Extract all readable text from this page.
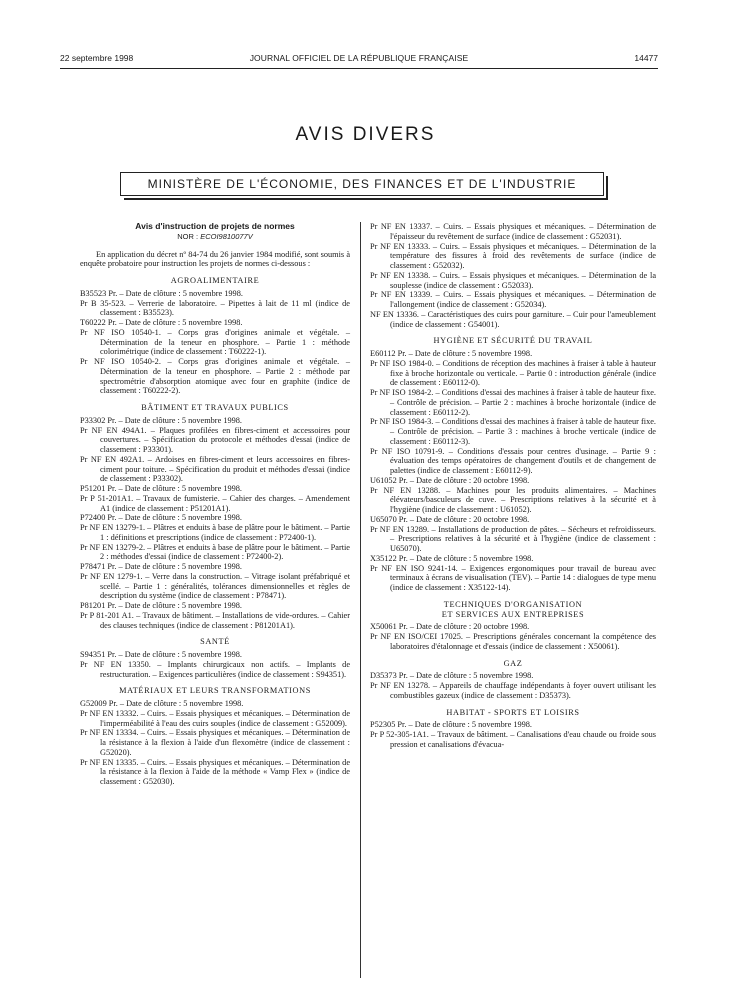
22 septembre 1998	JOURNAL OFFICIEL DE LA RÉPUBLIQUE FRANÇAISE	14477
AVIS DIVERS
MINISTÈRE DE L'ÉCONOMIE, DES FINANCES ET DE L'INDUSTRIE
Avis d'instruction de projets de normes
NOR : ECOI9810077V
En application du décret nº 84-74 du 26 janvier 1984 modifié, sont soumis à enquête probatoire pour instruction les projets de normes ci-dessous :
AGROALIMENTAIRE
B35523 Pr. – Date de clôture : 5 novembre 1998.
Pr B 35-523. – Verrerie de laboratoire. – Pipettes à lait de 11 ml (indice de classement : B35523).
T60222 Pr. – Date de clôture : 5 novembre 1998.
Pr NF ISO 10540-1. – Corps gras d'origines animale et végétale. – Détermination de la teneur en phosphore. – Partie 1 : méthode colorimétrique (indice de classement : T60222-1).
Pr NF ISO 10540-2. – Corps gras d'origines animale et végétale. – Détermination de la teneur en phosphore. – Partie 2 : méthode par spectrométrie d'absorption atomique avec four en graphite (indice de classement : T60222-2).
BÂTIMENT ET TRAVAUX PUBLICS
P33302 Pr. – Date de clôture : 5 novembre 1998.
Pr NF EN 494A1. – Plaques profilées en fibres-ciment et accessoires pour couvertures. – Spécification du protocole et méthodes d'essai (indice de classement : P33301).
Pr NF EN 492A1. – Ardoises en fibres-ciment et leurs accessoires en fibres-ciment pour toiture. – Spécification du produit et méthodes d'essai (indice de classement : P33302).
P51201 Pr. – Date de clôture : 5 novembre 1998.
Pr P 51-201A1. – Travaux de fumisterie. – Cahier des charges. – Amendement A1 (indice de classement : P51201A1).
P72400 Pr. – Date de clôture : 5 novembre 1998.
Pr NF EN 13279-1. – Plâtres et enduits à base de plâtre pour le bâtiment. – Partie 1 : définitions et prescriptions (indice de classement : P72400-1).
Pr NF EN 13279-2. – Plâtres et enduits à base de plâtre pour le bâtiment. – Partie 2 : méthodes d'essai (indice de classement : P72400-2).
P78471 Pr. – Date de clôture : 5 novembre 1998.
Pr NF EN 1279-1. – Verre dans la construction. – Vitrage isolant préfabriqué et scellé. – Partie 1 : généralités, tolérances dimensionnelles et règles de description du système (indice de classement : P78471).
P81201 Pr. – Date de clôture : 5 novembre 1998.
Pr P 81-201 A1. – Travaux de bâtiment. – Installations de vide-ordures. – Cahier des clauses techniques (indice de classement : P81201A1).
SANTÉ
S94351 Pr. – Date de clôture : 5 novembre 1998.
Pr NF EN 13350. – Implants chirurgicaux non actifs. – Implants de restructuration. – Exigences particulières (indice de classement : S94351).
MATÉRIAUX ET LEURS TRANSFORMATIONS
G52009 Pr. – Date de clôture : 5 novembre 1998.
Pr NF EN 13332. – Cuirs. – Essais physiques et mécaniques. – Détermination de l'imperméabilité à l'eau des cuirs souples (indice de classement : G52009).
Pr NF EN 13334. – Cuirs. – Essais physiques et mécaniques. – Détermination de la résistance à la flexion à l'aide d'un flexomètre (indice de classement : G52020).
Pr NF EN 13335. – Cuirs. – Essais physiques et mécaniques. – Détermination de la résistance à la flexion à l'aide de la méthode « Vamp Flex » (indice de classement : G52030).
Pr NF EN 13337. – Cuirs. – Essais physiques et mécaniques. – Détermination de l'épaisseur du revêtement de surface (indice de classement : G52031).
Pr NF EN 13333. – Cuirs. – Essais physiques et mécaniques. – Détermination de la température des fissures à froid des revêtements de surface (indice de classement : G52032).
Pr NF EN 13338. – Cuirs. – Essais physiques et mécaniques. – Détermination de la souplesse (indice de classement : G52033).
Pr NF EN 13339. – Cuirs. – Essais physiques et mécaniques. – Détermination de l'allongement (indice de classement : G52034).
NF EN 13336. – Caractéristiques des cuirs pour garniture. – Cuir pour l'ameublement (indice de classement : G54001).
HYGIÈNE ET SÉCURITÉ DU TRAVAIL
E60112 Pr. – Date de clôture : 5 novembre 1998.
Pr NF ISO 1984-0. – Conditions de réception des machines à fraiser à table à hauteur fixe à broche horizontale ou verticale. – Partie 0 : introduction générale (indice de classement : E60112-0).
Pr NF ISO 1984-2. – Conditions d'essai des machines à fraiser à table de hauteur fixe. – Contrôle de précision. – Partie 2 : machines à broche horizontale (indice de classement : E60112-2).
Pr NF ISO 1984-3. – Conditions d'essai des machines à fraiser à table de hauteur fixe. – Contrôle de précision. – Partie 3 : machines à broche verticale (indice de classement : E60112-3).
Pr NF ISO 10791-9. – Conditions d'essais pour centres d'usinage. – Partie 9 : évaluation des temps opératoires de changement d'outils et de changement de palettes (indice de classement : E60112-9).
U61052 Pr. – Date de clôture : 20 octobre 1998.
Pr NF EN 13288. – Machines pour les produits alimentaires. – Machines élévateurs/basculeurs de cuve. – Prescriptions relatives à la sécurité et à l'hygiène (indice de classement : U61052).
U65070 Pr. – Date de clôture : 20 octobre 1998.
Pr NF EN 13289. – Installations de production de pâtes. – Sécheurs et refroidisseurs. – Prescriptions relatives à la sécurité et à l'hygiène (indice de classement : U65070).
X35122 Pr. – Date de clôture : 5 novembre 1998.
Pr NF EN ISO 9241-14. – Exigences ergonomiques pour travail de bureau avec terminaux à écrans de visualisation (TEV). – Partie 14 : dialogues de type menu (indice de classement : X35122-14).
TECHNIQUES D'ORGANISATION
ET SERVICES AUX ENTREPRISES
X50061 Pr. – Date de clôture : 20 octobre 1998.
Pr NF EN ISO/CEI 17025. – Prescriptions générales concernant la compétence des laboratoires d'étalonnage et d'essais (indice de classement : X50061).
GAZ
D35373 Pr. – Date de clôture : 5 novembre 1998.
Pr NF EN 13278. – Appareils de chauffage indépendants à foyer ouvert utilisant les combustibles gazeux (indice de classement : D35373).
HABITAT - SPORTS ET LOISIRS
P52305 Pr. – Date de clôture : 5 novembre 1998.
Pr P 52-305-1A1. – Travaux de bâtiment. – Canalisations d'eau chaude ou froide sous pression et canalisations d'évacua-
